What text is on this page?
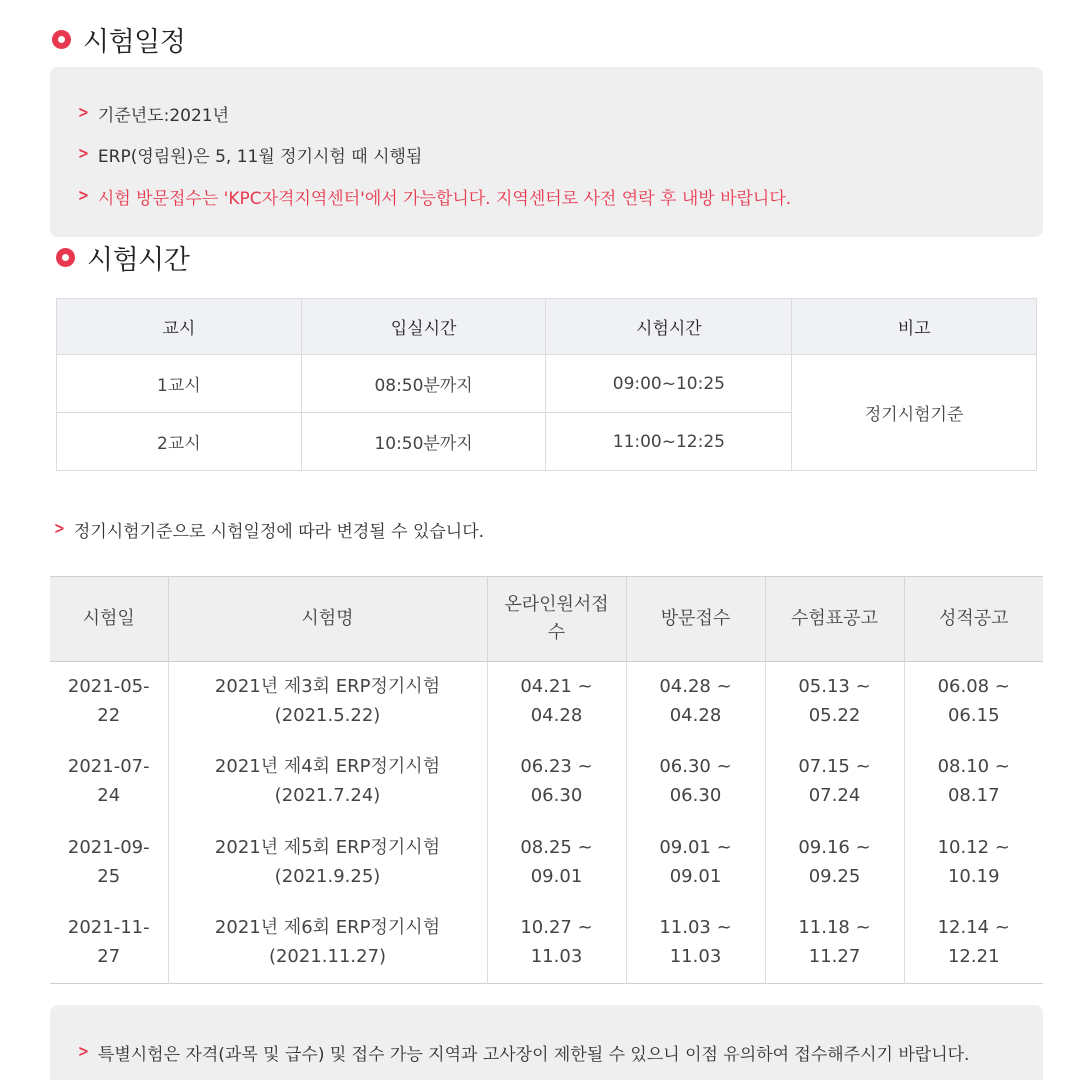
시험일정
> 기준년도:2021년
> ERP(영림원)은 5, 11월 정기시험 때 시행됨
> 시험 방문접수는 'KPC자격지역센터'에서 가능합니다. 지역센터로 사전 연락 후 내방 바랍니다.
시험시간
교시	입실시간	시험시간	비고
1교시	08:50분까지	09:00~10:25	정기시험기준
2교시	10:50분까지	11:00~12:25	
> 정기시험기준으로 시험일정에 따라 변경될 수 있습니다.
시험일	시험명	온라인원서접수	방문접수	수험표공고	성적공고
2021-05-22	2021년 제3회 ERP정기시험 (2021.5.22)	04.21 ~ 04.28	04.28 ~ 04.28	05.13 ~ 05.22	06.08 ~ 06.15
2021-07-24	2021년 제4회 ERP정기시험 (2021.7.24)	06.23 ~ 06.30	06.30 ~ 06.30	07.15 ~ 07.24	08.10 ~ 08.17
2021-09-25	2021년 제5회 ERP정기시험 (2021.9.25)	08.25 ~ 09.01	09.01 ~ 09.01	09.16 ~ 09.25	10.12 ~ 10.19
2021-11-27	2021년 제6회 ERP정기시험 (2021.11.27)	10.27 ~ 11.03	11.03 ~ 11.03	11.18 ~ 11.27	12.14 ~ 12.21
> 특별시험은 자격(과목 및 급수) 및 접수 가능 지역과 고사장이 제한될 수 있으니 이점 유의하여 접수해주시기 바랍니다.
